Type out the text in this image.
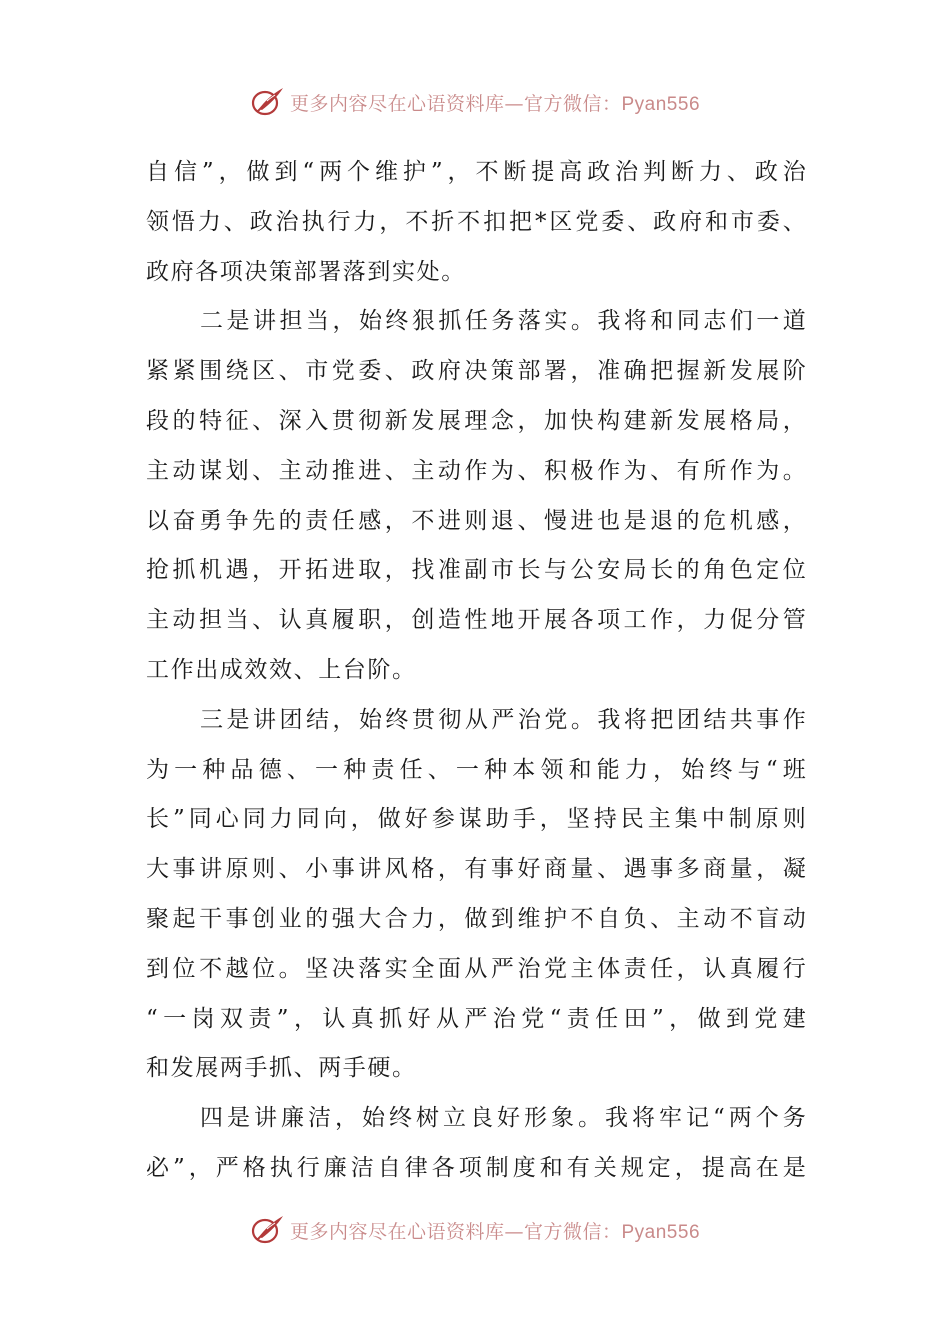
更多内容尽在心语资料库—官方微信：Pyan556
自信”，做到“两个维护”，不断提高政治判断力、政治
领悟力、政治执行力，不折不扣把*区党委、政府和市委、
政府各项决策部署落到实处。
二是讲担当，始终狠抓任务落实。我将和同志们一道
紧紧围绕区、市党委、政府决策部署，准确把握新发展阶
段的特征、深入贯彻新发展理念，加快构建新发展格局，
主动谋划、主动推进、主动作为、积极作为、有所作为。
以奋勇争先的责任感，不进则退、慢进也是退的危机感，
抢抓机遇，开拓进取，找准副市长与公安局长的角色定位
主动担当、认真履职，创造性地开展各项工作，力促分管
工作出成效效、上台阶。
三是讲团结，始终贯彻从严治党。我将把团结共事作
为一种品德、一种责任、一种本领和能力，始终与“班
长”同心同力同向，做好参谋助手，坚持民主集中制原则
大事讲原则、小事讲风格，有事好商量、遇事多商量，凝
聚起干事创业的强大合力，做到维护不自负、主动不盲动
到位不越位。坚决落实全面从严治党主体责任，认真履行
“一岗双责”，认真抓好从严治党“责任田”，做到党建
和发展两手抓、两手硬。
四是讲廉洁，始终树立良好形象。我将牢记“两个务
必”，严格执行廉洁自律各项制度和有关规定，提高在是
更多内容尽在心语资料库—官方微信：Pyan556
